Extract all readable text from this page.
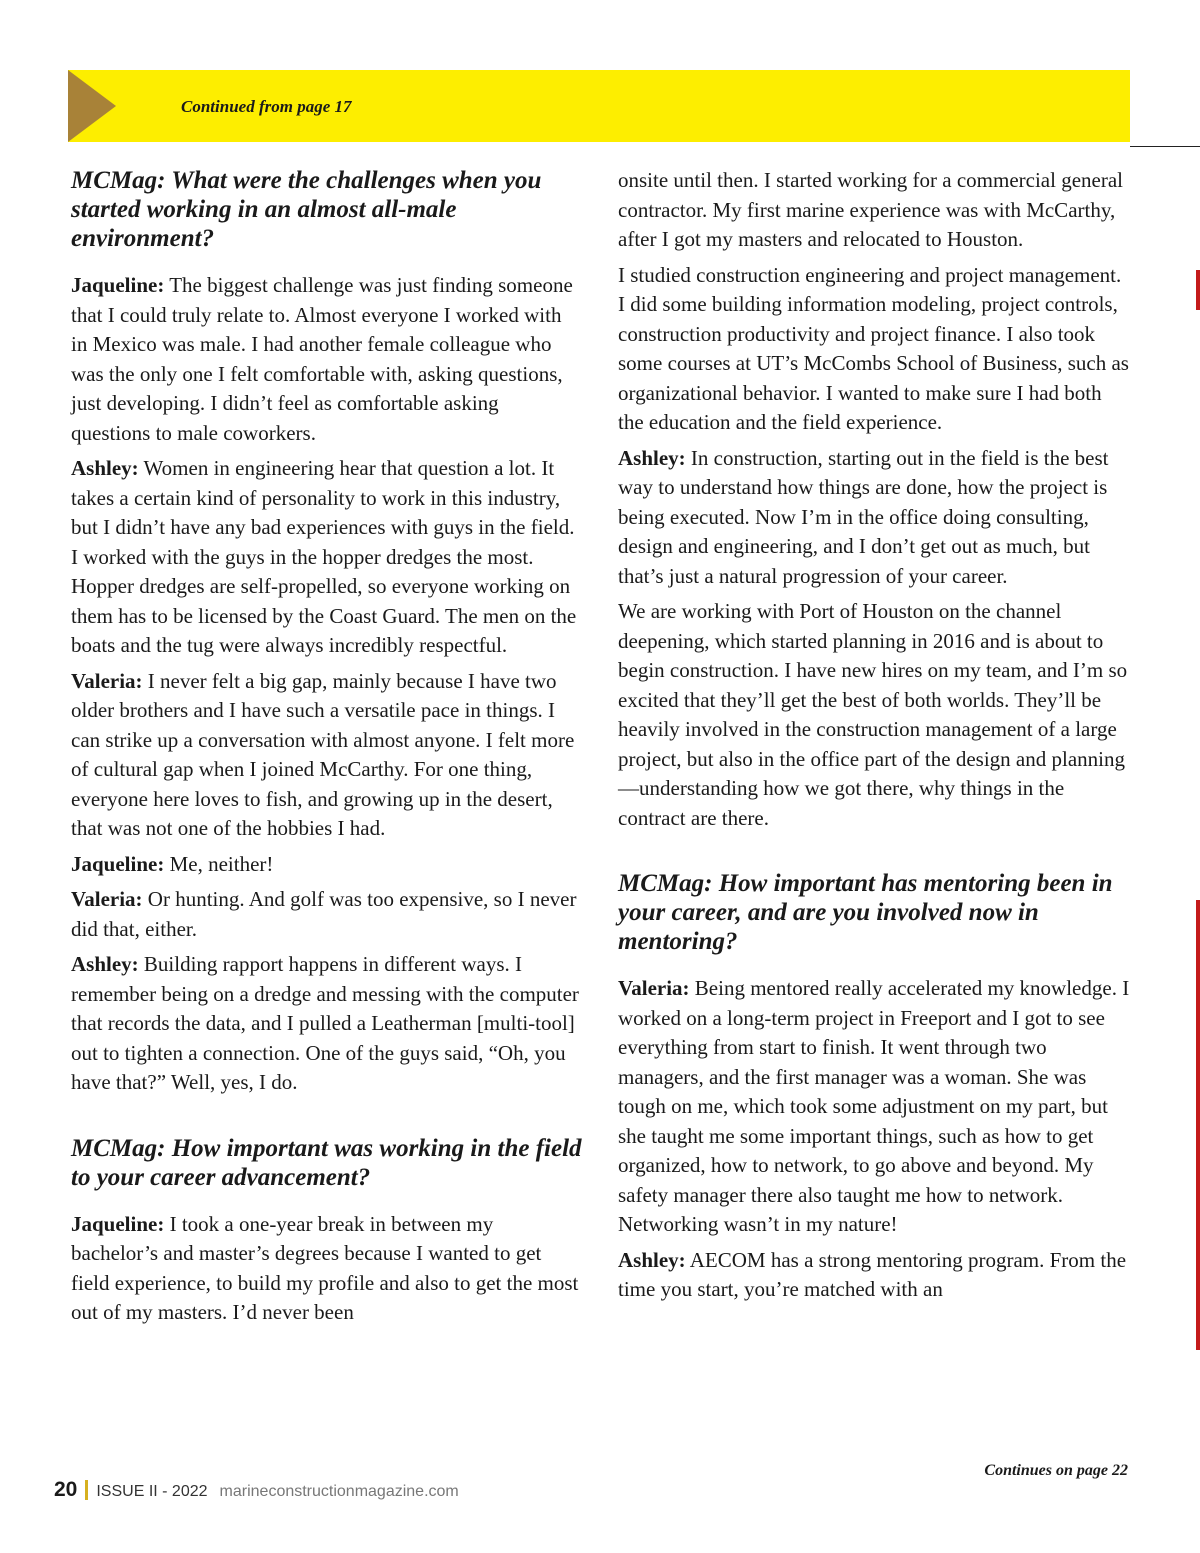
Continued from page 17
MCMag: What were the challenges when you started working in an almost all-male environment?

Jaqueline: The biggest challenge was just finding someone that I could truly relate to. Almost everyone I worked with in Mexico was male. I had another female colleague who was the only one I felt comfortable with, asking questions, just developing. I didn’t feel as comfortable asking questions to male coworkers.

Ashley: Women in engineering hear that question a lot. It takes a certain kind of personality to work in this industry, but I didn’t have any bad experiences with guys in the field. I worked with the guys in the hopper dredges the most. Hopper dredges are self-propelled, so everyone working on them has to be licensed by the Coast Guard. The men on the boats and the tug were always incredibly respectful.

Valeria: I never felt a big gap, mainly because I have two older brothers and I have such a versatile pace in things. I can strike up a conversation with almost anyone. I felt more of cultural gap when I joined McCarthy. For one thing, everyone here loves to fish, and growing up in the desert, that was not one of the hobbies I had.

Jaqueline: Me, neither!

Valeria: Or hunting. And golf was too expensive, so I never did that, either.

Ashley: Building rapport happens in different ways. I remember being on a dredge and messing with the computer that records the data, and I pulled a Leatherman [multi-tool] out to tighten a connection. One of the guys said, “Oh, you have that?” Well, yes, I do.

MCMag: How important was working in the field to your career advancement?

Jaqueline: I took a one-year break in between my bachelor’s and master’s degrees because I wanted to get field experience, to build my profile and also to get the most out of my masters. I’d never been

onsite until then. I started working for a commercial general contractor. My first marine experience was with McCarthy, after I got my masters and relocated to Houston.

I studied construction engineering and project management. I did some building information modeling, project controls, construction productivity and project finance. I also took some courses at UT’s McCombs School of Business, such as organizational behavior. I wanted to make sure I had both the education and the field experience.

Ashley: In construction, starting out in the field is the best way to understand how things are done, how the project is being executed. Now I’m in the office doing consulting, design and engineering, and I don’t get out as much, but that’s just a natural progression of your career.

We are working with Port of Houston on the channel deepening, which started planning in 2016 and is about to begin construction. I have new hires on my team, and I’m so excited that they’ll get the best of both worlds. They’ll be heavily involved in the construction management of a large project, but also in the office part of the design and planning—understanding how we got there, why things in the contract are there.

MCMag: How important has mentoring been in your career, and are you involved now in mentoring?

Valeria: Being mentored really accelerated my knowledge. I worked on a long-term project in Freeport and I got to see everything from start to finish. It went through two managers, and the first manager was a woman. She was tough on me, which took some adjustment on my part, but she taught me some important things, such as how to get organized, how to network, to go above and beyond. My safety manager there also taught me how to network. Networking wasn’t in my nature!

Ashley: AECOM has a strong mentoring program. From the time you start, you’re matched with an

Continues on page 22
20 ISSUE II - 2022 marineconstructionmagazine.com
